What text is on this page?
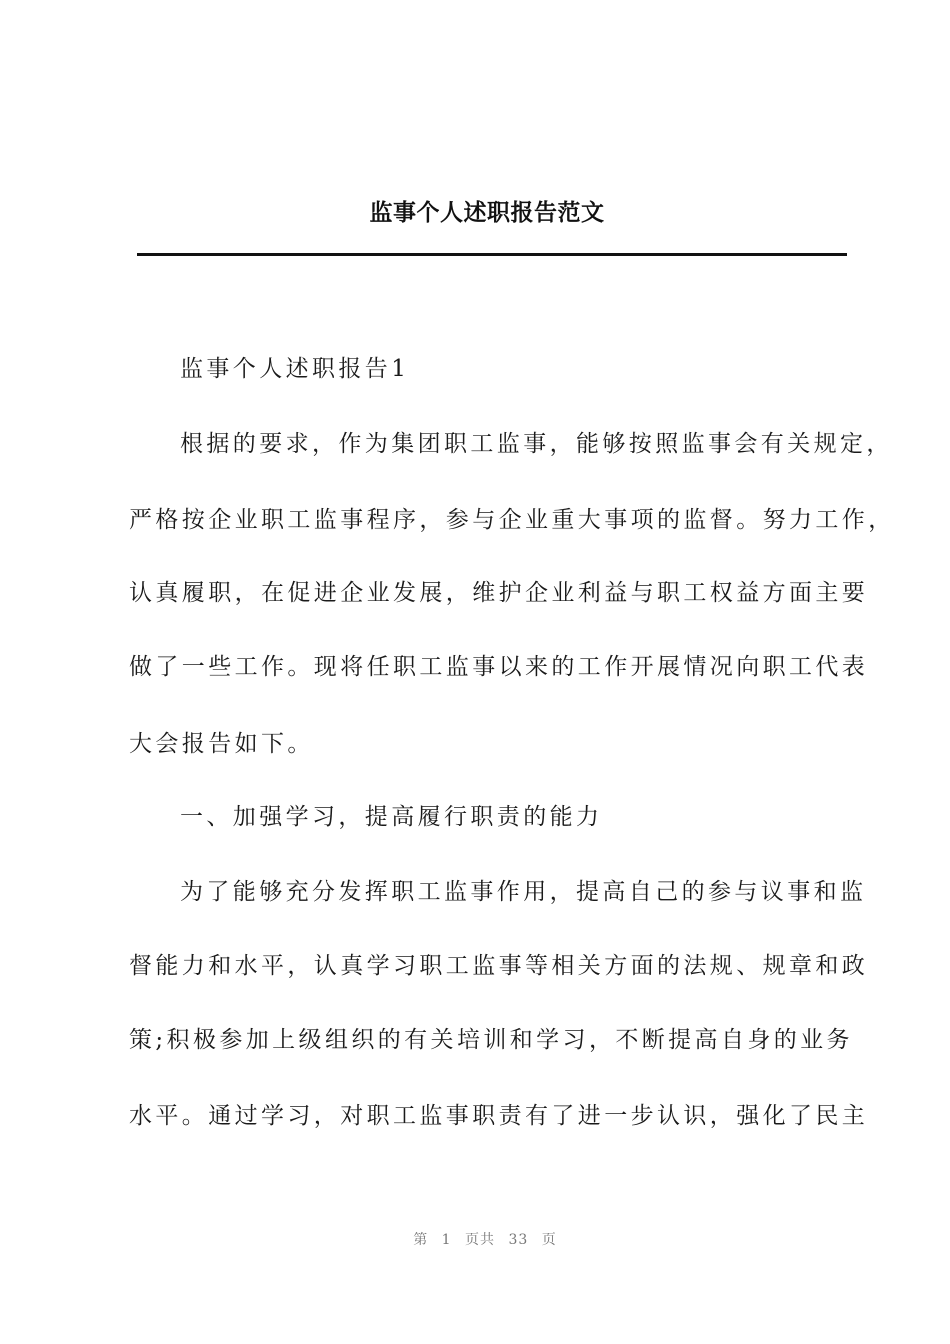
监事个人述职报告范文
监事个人述职报告1
根据的要求，作为集团职工监事，能够按照监事会有关规定，
严格按企业职工监事程序，参与企业重大事项的监督。努力工作，
认真履职，在促进企业发展，维护企业利益与职工权益方面主要
做了一些工作。现将任职工监事以来的工作开展情况向职工代表
大会报告如下。
一、加强学习，提高履行职责的能力
为了能够充分发挥职工监事作用，提高自己的参与议事和监
督能力和水平，认真学习职工监事等相关方面的法规、规章和政
策;积极参加上级组织的有关培训和学习，不断提高自身的业务
水平。通过学习，对职工监事职责有了进一步认识，强化了民主
第 1 页共 33 页
